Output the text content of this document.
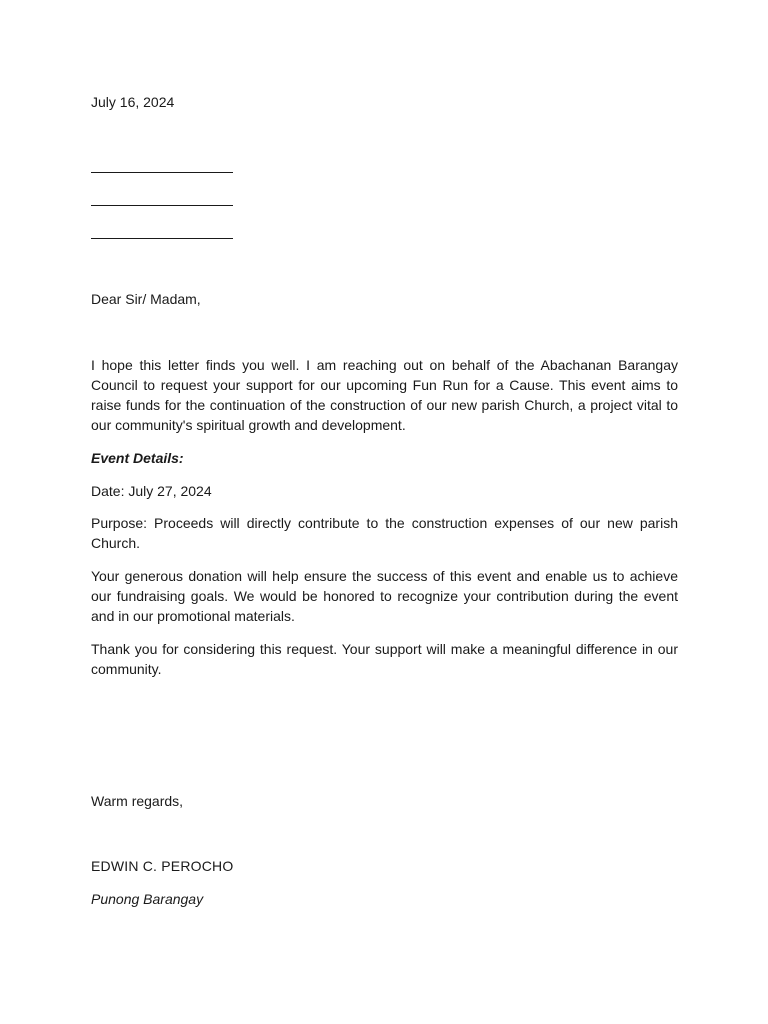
July 16, 2024
Dear Sir/ Madam,
I hope this letter finds you well. I am reaching out on behalf of the Abachanan Barangay Council to request your support for our upcoming Fun Run for a Cause. This event aims to raise funds for the continuation of the construction of our new parish Church, a project vital to our community's spiritual growth and development.
Event Details:
Date: July 27, 2024
Purpose: Proceeds will directly contribute to the construction expenses of our new parish Church.
Your generous donation will help ensure the success of this event and enable us to achieve our fundraising goals. We would be honored to recognize your contribution during the event and in our promotional materials.
Thank you for considering this request. Your support will make a meaningful difference in our community.
Warm regards,
EDWIN C. PEROCHO
Punong Barangay
